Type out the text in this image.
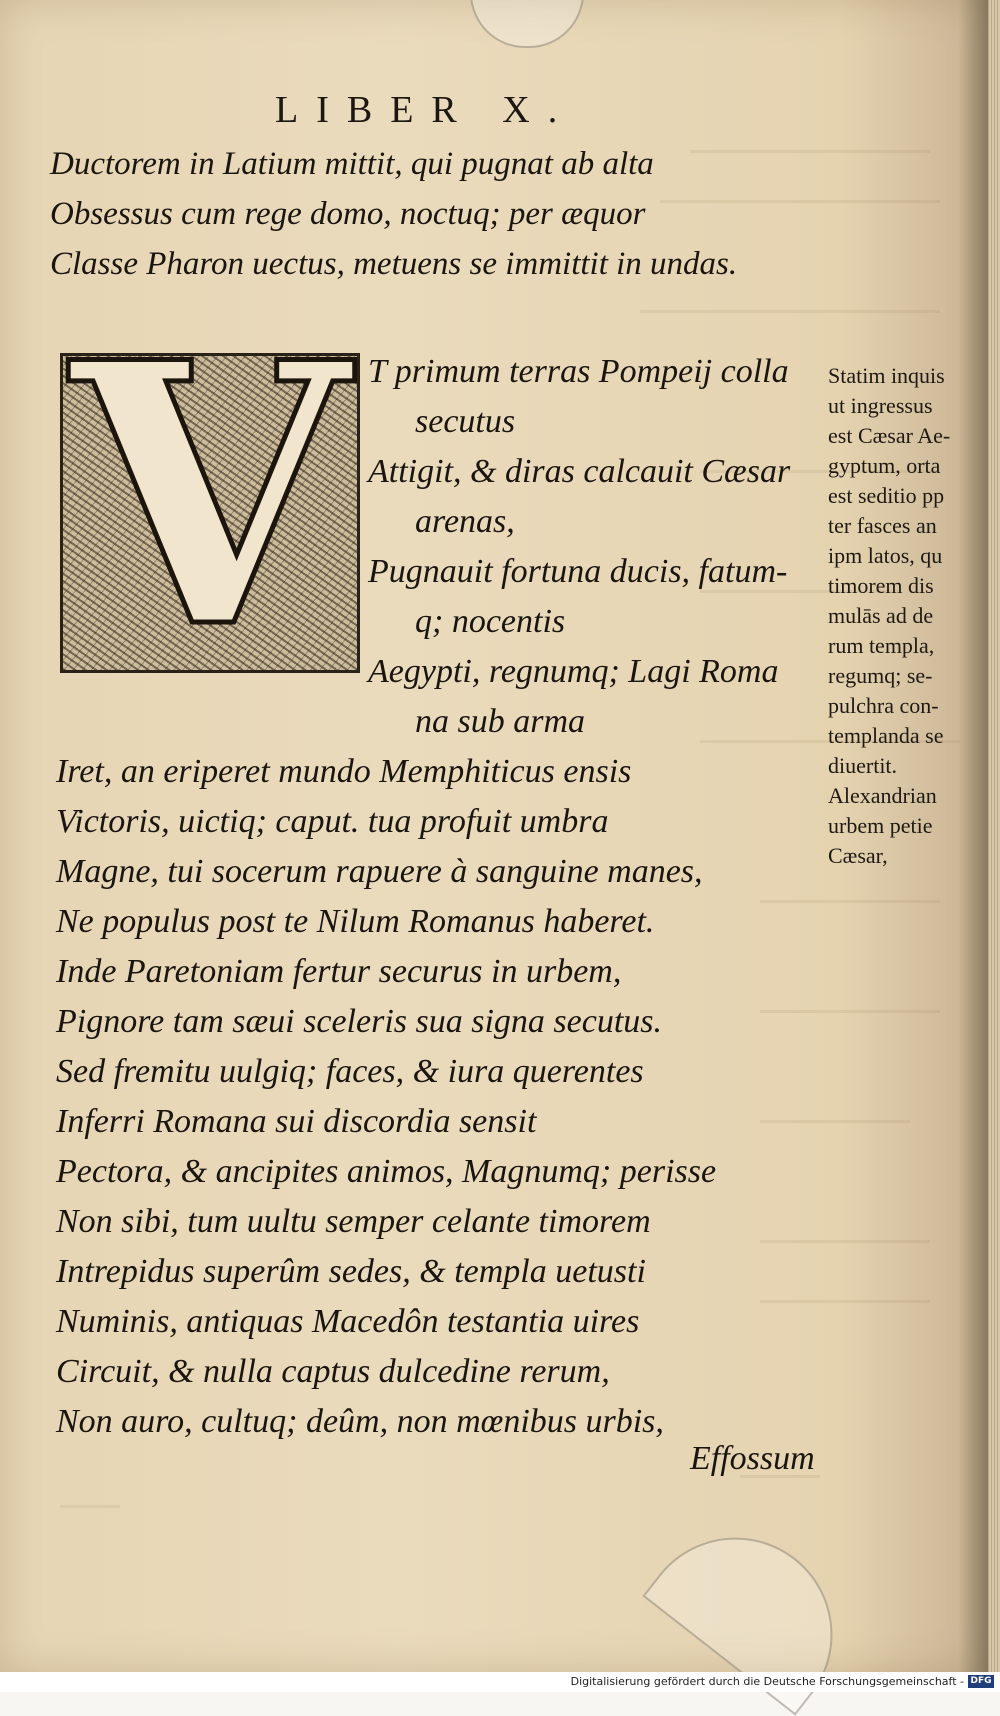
LIBER X.
Ductorem in Latium mittit, qui pugnat ab alta
Obsessus cum rege domo, noctuq; per æquor
Classe Pharon uectus, metuens se immittit in undas.
V T primum terras Pompeij colla
secutus
Attigit, & diras calcauit Cæsar
arenas,
Pugnauit fortuna ducis, fatum-
q; nocentis
Aegypti, regnumq; Lagi Roma
na sub arma
Iret, an eriperet mundo Memphiticus ensis
Victoris, uictiq; caput. tua profuit umbra
Magne, tui socerum rapuere à sanguine manes,
Ne populus post te Nilum Romanus haberet.
Inde Paretoniam fertur securus in urbem,
Pignore tam sæui sceleris sua signa secutus.
Sed fremitu uulgiq; faces, & iura querentes
Inferri Romana sui discordia sensit
Pectora, & ancipites animos, Magnumq; perisse
Non sibi, tum uultu semper celante timorem
Intrepidus superûm sedes, & templa uetusti
Numinis, antiquas Macedôn testantia uires
Circuit, & nulla captus dulcedine rerum,
Non auro, cultuq; deûm, non mœnibus urbis,
Statim inquis
ut ingressus
est Cæsar Ae-
gyptum, orta
est seditio pp
ter fasces an
ipm latos, qu
timorem dis
mulās ad de
rum templa,
regumq; se-
pulchra con-
templanda se
diuertit.
Alexandrian
urbem petie
Cæsar,
Effossum
Digitalisierung gefördert durch die Deutsche Forschungsgemeinschaft - DFG
